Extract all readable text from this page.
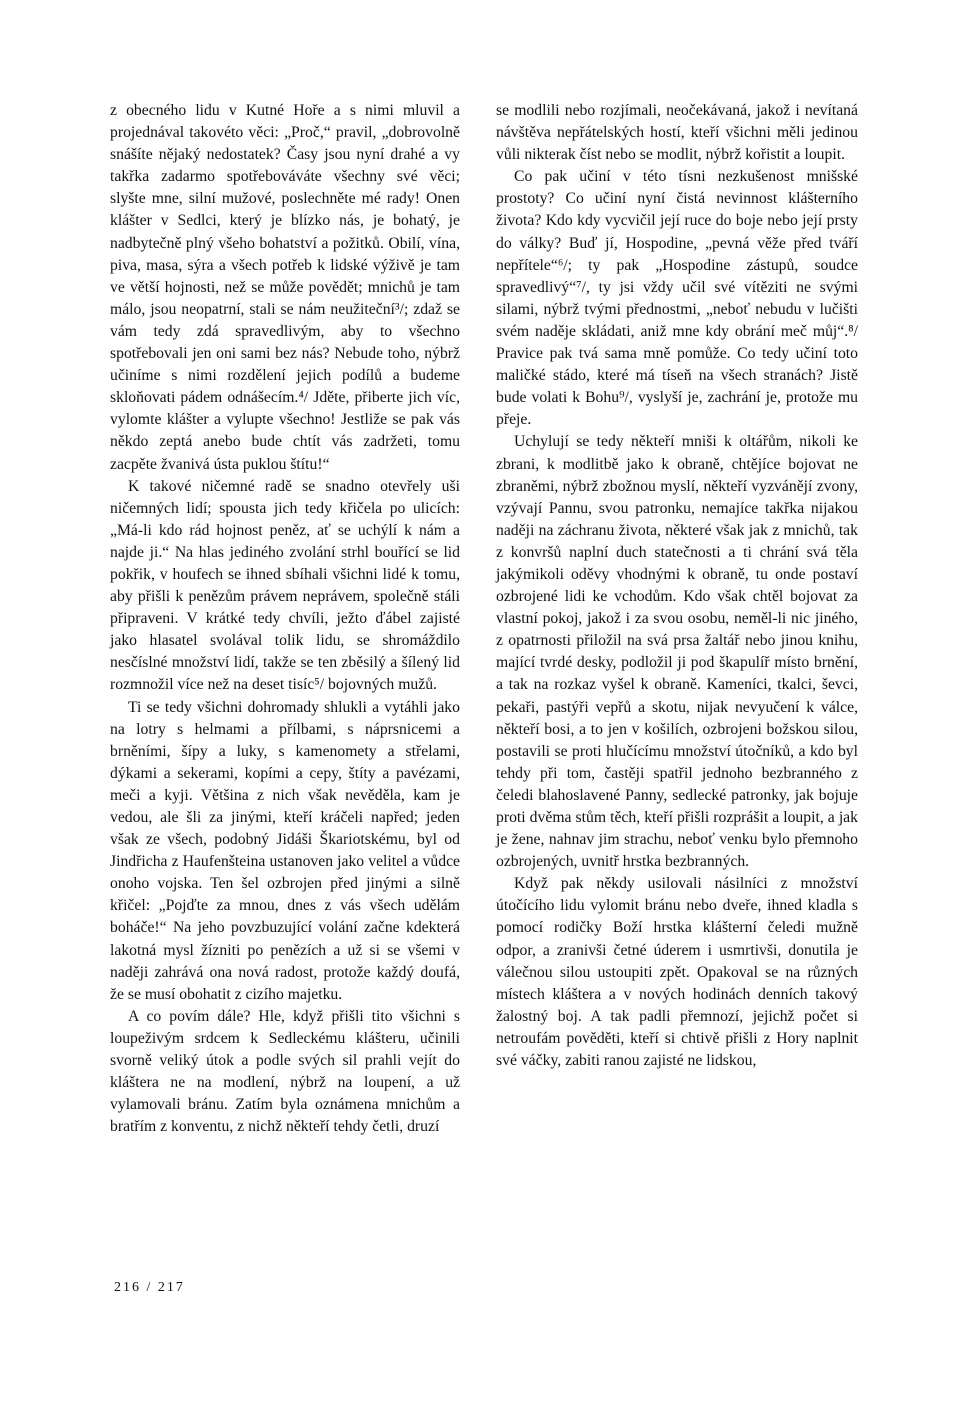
z obecného lidu v Kutné Hoře a s nimi mluvil a projednával takovéto věci: „Proč,“ pravil, „dobrovolně snášíte nějaký nedostatek? Časy jsou nyní drahé a vy takřka zadarmo spotřebováváte všechny své věci; slyšte mne, silní mužové, poslechněte mé rady! Onen klášter v Sedlci, který je blízko nás, je bohatý, je nadbytečně plný všeho bohatství a požitků. Obilí, vína, piva, masa, sýra a všech potřeb k lidské výživě je tam ve větší hojnosti, než se může povědět; mnichů je tam málo, jsou neopatrní, stali se nám neužiteční³/; zdaž se vám tedy zdá spravedlivým, aby to všechno spotřebovali jen oni sami bez nás? Nebude toho, nýbrž učiníme s nimi rozdělení jejich podílů a budeme skloňovati pádem odnášecím.⁴/ Jděte, přiberte jich víc, vylomte klášter a vylupte všechno! Jestliže se pak vás někdo zeptá anebo bude chtít vás zadržeti, tomu zacpěte žvanivá ústa puklou štítu!“

K takové ničemné radě se snadno otevřely uši ničemných lidí; spousta jich tedy křičela po ulicích: „Má-li kdo rád hojnost peněz, ať se uchýlí k nám a najde ji.“ Na hlas jediného zvolání strhl bouřící se lid pokřik, v houfech se ihned sbíhali všichni lidé k tomu, aby přišli k penězům právem neprávem, společně stáli připraveni. V krátké tedy chvíli, ježto ďábel zajisté jako hlasatel svolával tolik lidu, se shromáždilo nesčíslné množství lidí, takže se ten zběsilý a šílený lid rozmnožil více než na deset tisíc⁵/ bojovných mužů.

Ti se tedy všichni dohromady shlukli a vytáhli jako na lotry s helmami a přílbami, s náprsnicemi a brněními, šípy a luky, s kamenomety a střelami, dýkami a sekerami, kopími a cepy, štíty a pavézami, meči a kyji. Většina z nich však nevěděla, kam je vedou, ale šli za jinými, kteří kráčeli napřed; jeden však ze všech, podobný Jidáši Škariotskému, byl od Jindřicha z Haufenšteina ustanoven jako velitel a vůdce onoho vojska. Ten šel ozbrojen před jinými a silně křičel: „Pojďte za mnou, dnes z vás všech udělám boháče!“ Na jeho povzbuzující volání začne kdekterá lakotná mysl žízniti po penězích a už si se všemi v naději zahrává ona nová radost, protože každý doufá, že se musí obohatit z cizího majetku.

A co povím dále? Hle, když přišli tito všichni s loupeživým srdcem k Sedleckému klášteru, učinili svorně veliký útok a podle svých sil prahli vejít do kláštera ne na modlení, nýbrž na loupení, a už vylamovali bránu. Zatím byla oznámena mnichům a bratřím z konventu, z nichž někteří tehdy četli, druzí

se modlili nebo rozjímali, neočekávaná, jakož i nevítaná návštěva nepřátelských hostí, kteří všichni měli jedinou vůli nikterak číst nebo se modlit, nýbrž kořistit a loupit.

Co pak učiní v této tísni nezkušenost mnišské prostoty? Co učiní nyní čistá nevinnost klášterního života? Kdo kdy vycvičil její ruce do boje nebo její prsty do války? Buď jí, Hospodine, „pevná věže před tváří nepřítele“⁶/; ty pak „Hospodine zástupů, soudce spravedlivý“⁷/, ty jsi vždy učil své vítěziti ne svými silami, nýbrž tvými přednostmi, „neboť nebudu v lučišti svém naděje skládati, aniž mne kdy obrání meč můj“.⁸/ Pravice pak tvá sama mně pomůže. Co tedy učiní toto maličké stádo, které má tíseň na všech stranách? Jistě bude volati k Bohu⁹/, vyslyší je, zachrání je, protože mu přeje.

Uchylují se tedy někteří mniši k oltářům, nikoli ke zbrani, k modlitbě jako k obraně, chtějíce bojovat ne zbraněmi, nýbrž zbožnou myslí, někteří vyzvánějí zvony, vzývají Pannu, svou patronku, nemajíce takřka nijakou naději na záchranu života, některé však jak z mnichů, tak z konvršů naplní duch statečnosti a ti chrání svá těla jakýmikoli oděvy vhodnými k obraně, tu onde postaví ozbrojené lidi ke vchodům. Kdo však chtěl bojovat za vlastní pokoj, jakož i za svou osobu, neměl-li nic jiného, z opatrnosti přiložil na svá prsa žaltář nebo jinou knihu, mající tvrdé desky, podložil ji pod škapulíř místo brnění, a tak na rozkaz vyšel k obraně. Kameníci, tkalci, ševci, pekaři, pastýři vepřů a skotu, nijak nevyučení k válce, někteří bosi, a to jen v košilích, ozbrojeni božskou silou, postavili se proti hlučícímu množství útočníků, a kdo byl tehdy při tom, častěji spatřil jednoho bezbranného z čeledi blahoslavené Panny, sedlecké patronky, jak bojuje proti dvěma stům těch, kteří přišli rozprášit a loupit, a jak je žene, nahnav jim strachu, neboť venku bylo přemnoho ozbrojených, uvnitř hrstka bezbranných.

Když pak někdy usilovali násilníci z množství útočícího lidu vylomit bránu nebo dveře, ihned kladla s pomocí rodičky Boží hrstka klášterní čeledi mužně odpor, a zranivši četné úderem i usmrtivši, donutila je válečnou silou ustoupiti zpět. Opakoval se na různých místech kláštera a v nových hodinách denních takový žalostný boj. A tak padli přemnozí, jejichž počet si netroufám pověděti, kteří si chtivě přišli z Hory naplnit své váčky, zabiti ranou zajisté ne lidskou,

216 / 217
